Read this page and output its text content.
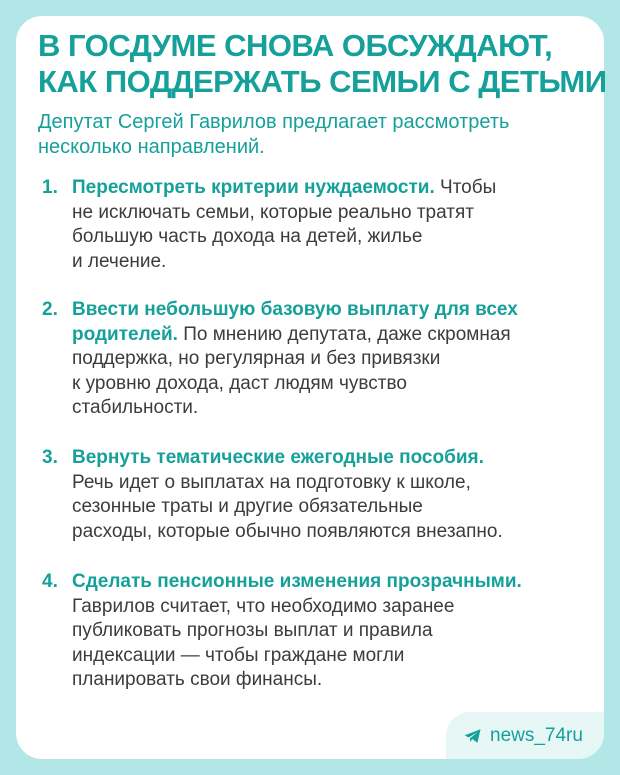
В ГОСДУМЕ СНОВА ОБСУЖДАЮТ,
КАК ПОДДЕРЖАТЬ СЕМЬИ С ДЕТЬМИ
Депутат Сергей Гаврилов предлагает рассмотреть
несколько направлений.
1. Пересмотреть критерии нуждаемости. Чтобы
не исключать семьи, которые реально тратят
большую часть дохода на детей, жилье
и лечение.
2. Ввести небольшую базовую выплату для всех
родителей. По мнению депутата, даже скромная
поддержка, но регулярная и без привязки
к уровню дохода, даст людям чувство
стабильности.
3. Вернуть тематические ежегодные пособия.
Речь идет о выплатах на подготовку к школе,
сезонные траты и другие обязательные
расходы, которые обычно появляются внезапно.
4. Сделать пенсионные изменения прозрачными.
Гаврилов считает, что необходимо заранее
публиковать прогнозы выплат и правила
индексации — чтобы граждане могли
планировать свои финансы.
news_74ru
